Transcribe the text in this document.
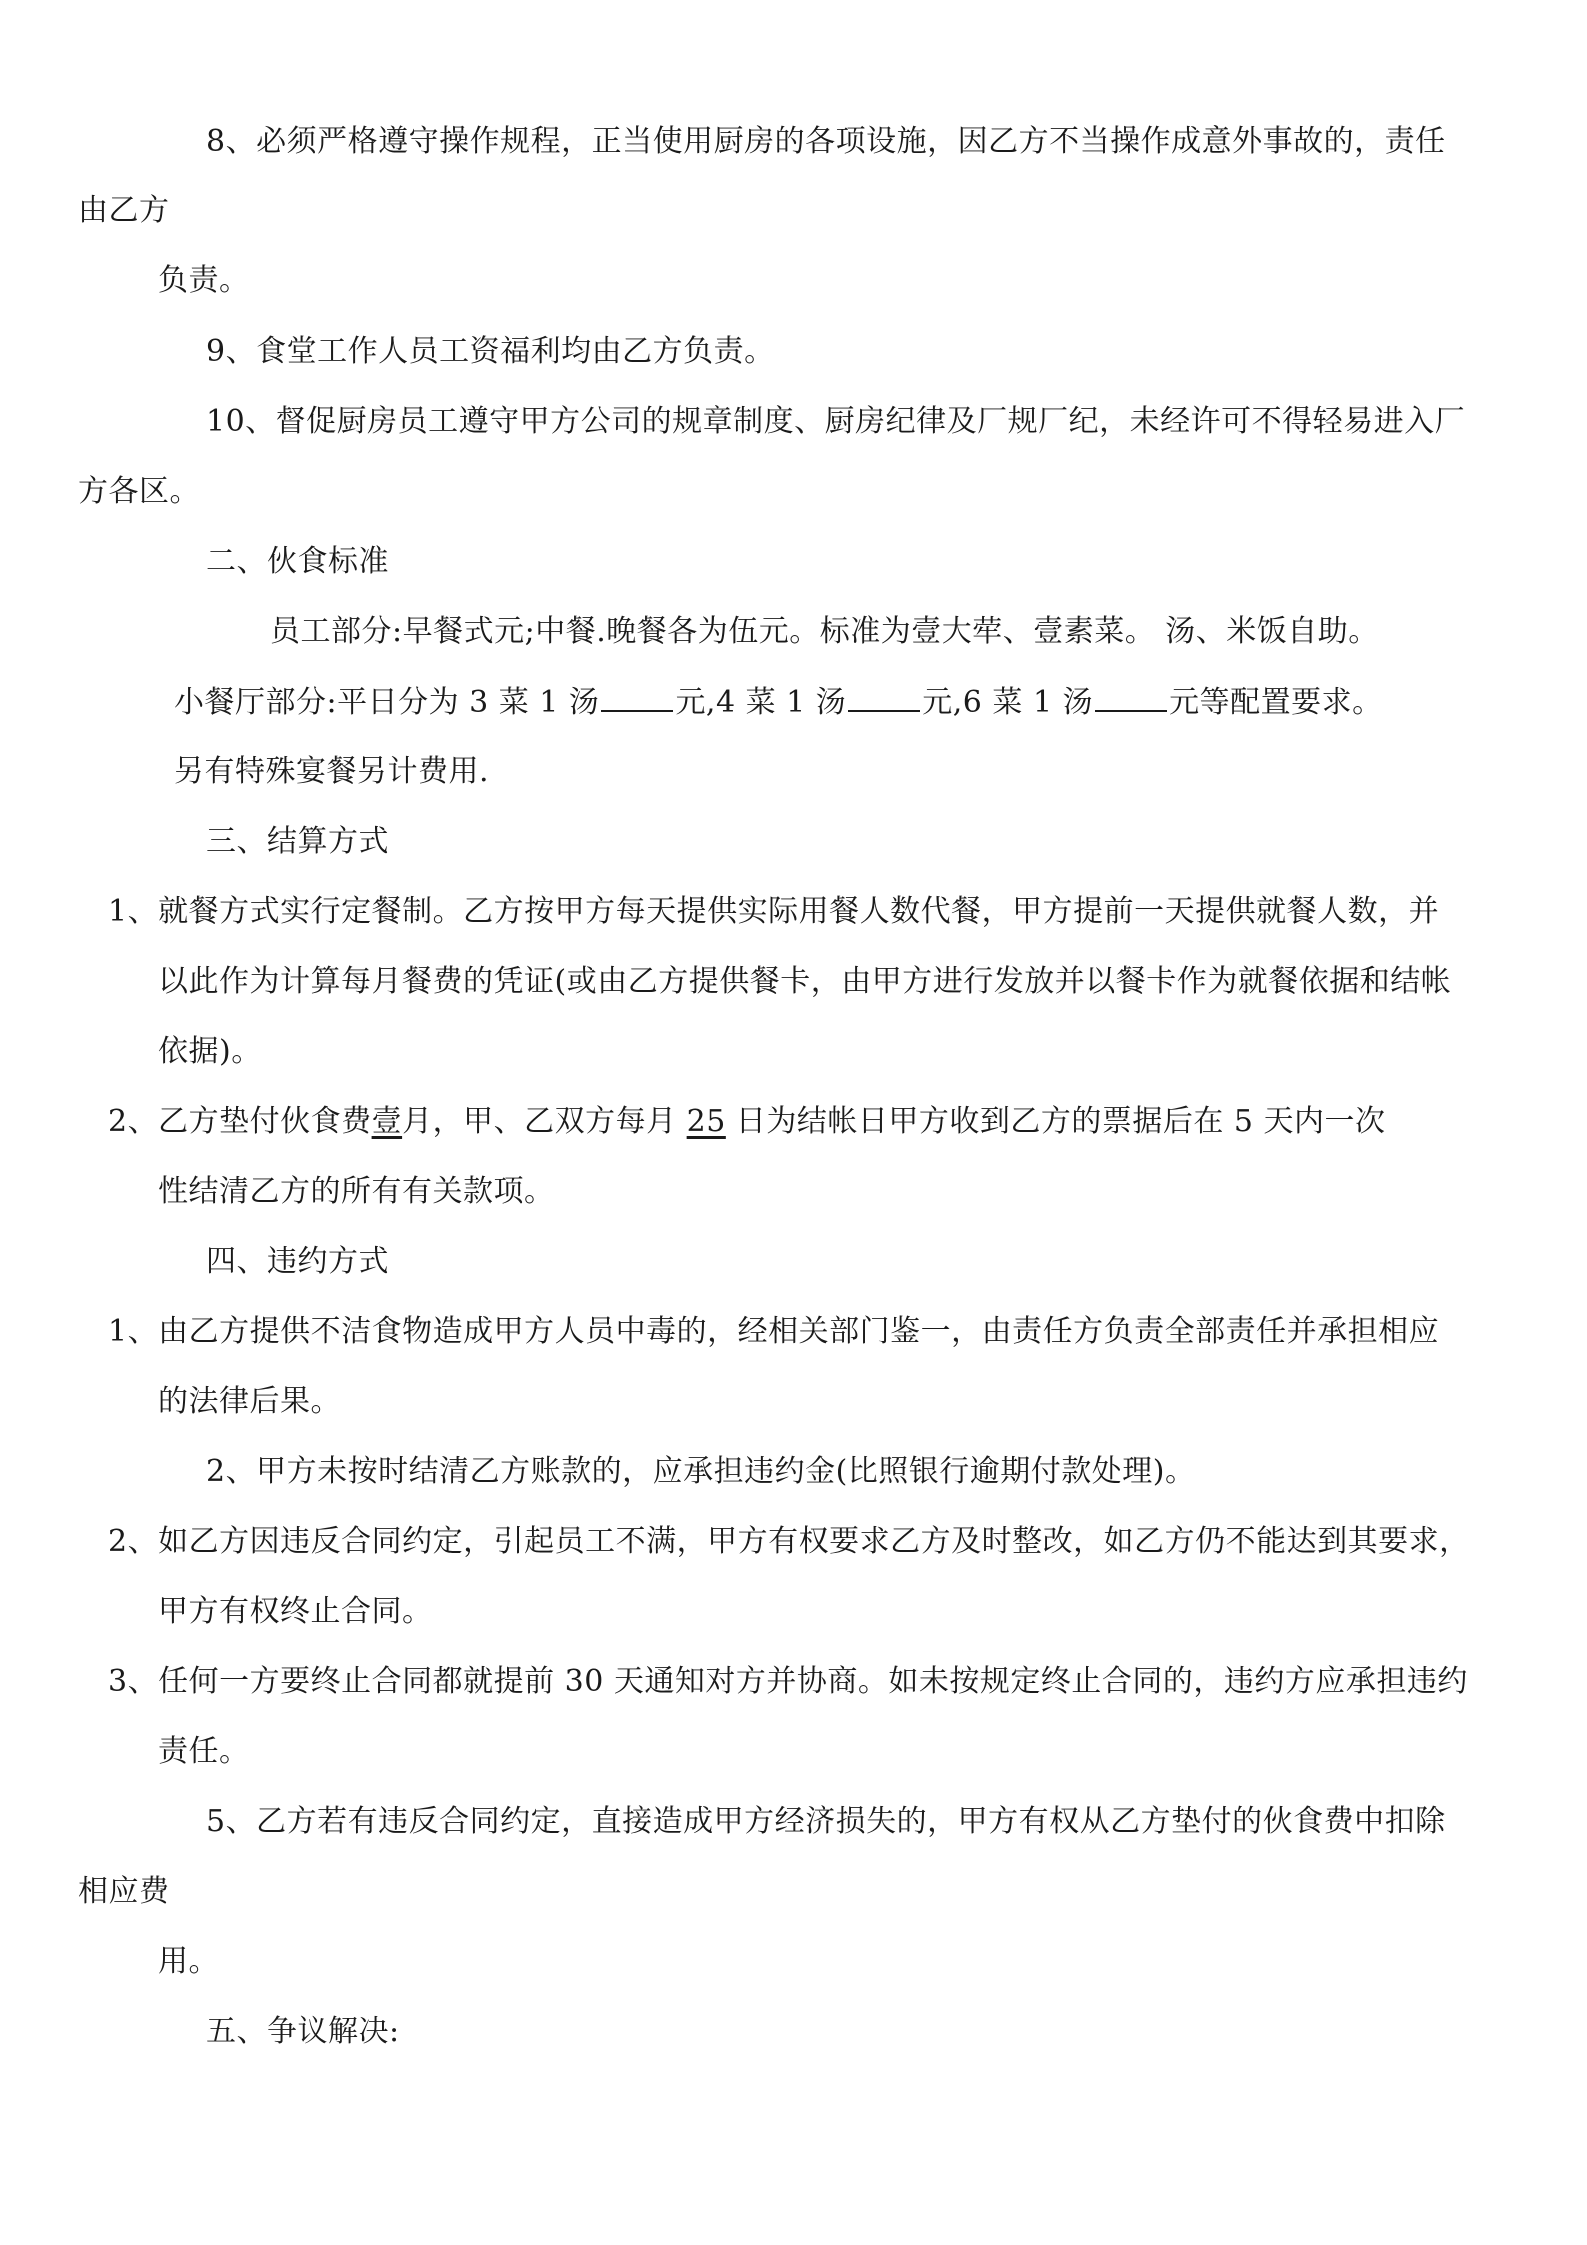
8、必须严格遵守操作规程，正当使用厨房的各项设施，因乙方不当操作成意外事故的，责任
由乙方
负责。
9、食堂工作人员工资福利均由乙方负责。
10、督促厨房员工遵守甲方公司的规章制度、厨房纪律及厂规厂纪，未经许可不得轻易进入厂
方各区。
二、伙食标准
员工部分:早餐式元;中餐.晚餐各为伍元。标准为壹大荦、壹素菜。 汤、米饭自助。
小餐厅部分:平日分为 3 菜 1 汤	元,4 菜 1 汤	元,6 菜 1 汤	元等配置要求。
另有特殊宴餐另计费用.
三、结算方式
1、就餐方式实行定餐制。乙方按甲方每天提供实际用餐人数代餐，甲方提前一天提供就餐人数，并
以此作为计算每月餐费的凭证(或由乙方提供餐卡，由甲方进行发放并以餐卡作为就餐依据和结帐
依据)。
2、乙方垫付伙食费壹月，甲、乙双方每月 25 日为结帐日甲方收到乙方的票据后在 5 天内一次
性结清乙方的所有有关款项。
四、违约方式
1、由乙方提供不洁食物造成甲方人员中毒的，经相关部门鉴一，由责任方负责全部责任并承担相应
的法律后果。
2、甲方未按时结清乙方账款的，应承担违约金(比照银行逾期付款处理)。
2、如乙方因违反合同约定，引起员工不满，甲方有权要求乙方及时整改，如乙方仍不能达到其要求，
甲方有权终止合同。
3、任何一方要终止合同都就提前 30 天通知对方并协商。如未按规定终止合同的，违约方应承担违约
责任。
5、乙方若有违反合同约定，直接造成甲方经济损失的，甲方有权从乙方垫付的伙食费中扣除
相应费
用。
五、争议解决:
